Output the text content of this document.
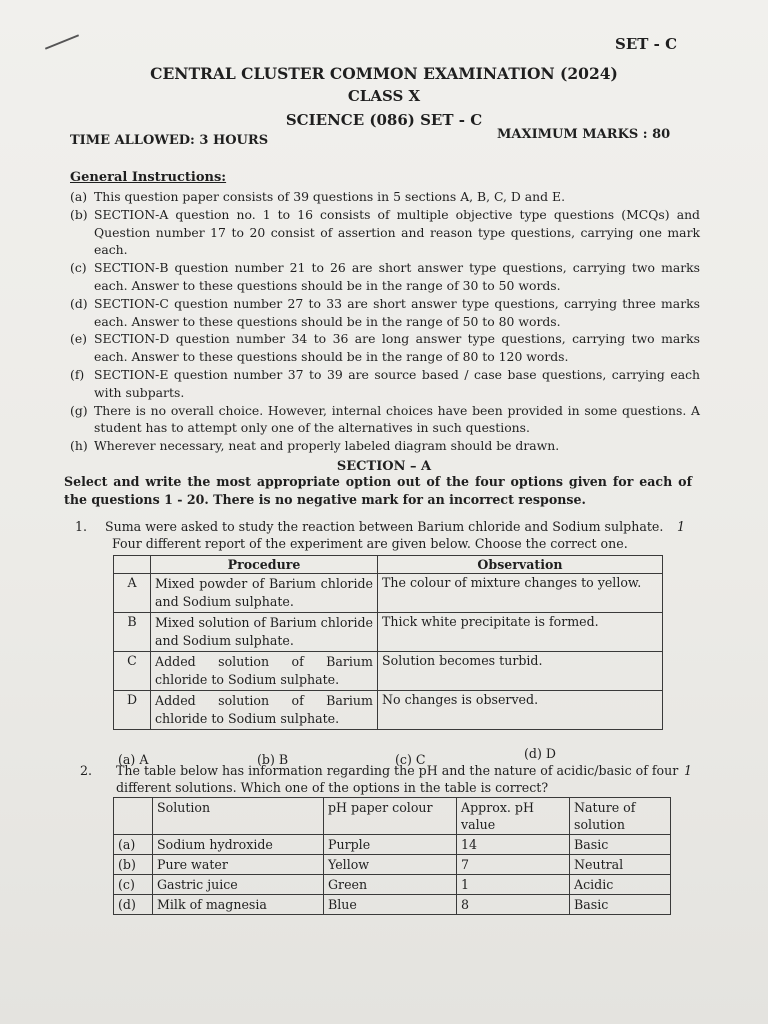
SET - C
CENTRAL CLUSTER COMMON EXAMINATION (2024)
CLASS X
SCIENCE (086) SET - C
TIME ALLOWED: 3 HOURS	MAXIMUM MARKS : 80
General Instructions:
(a) This question paper consists of 39 questions in 5 sections A, B, C, D and E.
(b) SECTION-A question no. 1 to 16 consists of multiple objective type questions (MCQs) and Question number 17 to 20 consist of assertion and reason type questions, carrying one mark each.
(c) SECTION-B question number 21 to 26 are short answer type questions, carrying two marks each. Answer to these questions should be in the range of 30 to 50 words.
(d) SECTION-C question number 27 to 33 are short answer type questions, carrying three marks each. Answer to these questions should be in the range of 50 to 80 words.
(e) SECTION-D question number 34 to 36 are long answer type questions, carrying two marks each. Answer to these questions should be in the range of 80 to 120 words.
(f) SECTION-E question number 37 to 39 are source based / case base questions, carrying each with subparts.
(g) There is no overall choice. However, internal choices have been provided in some questions. A student has to attempt only one of the alternatives in such questions.
(h) Wherever necessary, neat and properly labeled diagram should be drawn.
SECTION – A
Select and write the most appropriate option out of the four options given for each of the questions 1 - 20. There is no negative mark for an incorrect response.
1. Suma were asked to study the reaction between Barium chloride and Sodium sulphate.
Four different report of the experiment are given below. Choose the correct one.
1
	Procedure	Observation
A	Mixed powder of Barium chloride and Sodium sulphate.	The colour of mixture changes to yellow.
B	Mixed solution of Barium chloride and Sodium sulphate.	Thick white precipitate is formed.
C	Added solution of Barium chloride to Sodium sulphate.	Solution becomes turbid.
D	Added solution of Barium chloride to Sodium sulphate.	No changes is observed.
(a) A	(b) B	(c) C	(d) D
2. The table below has information regarding the pH and the nature of acidic/basic of four
different solutions. Which one of the options in the table is correct?
1
	Solution	pH paper colour	Approx. pH value	Nature of solution
(a)	Sodium hydroxide	Purple	14	Basic
(b)	Pure water	Yellow	7	Neutral
(c)	Gastric juice	Green	1	Acidic
(d)	Milk of magnesia	Blue	8	Basic
